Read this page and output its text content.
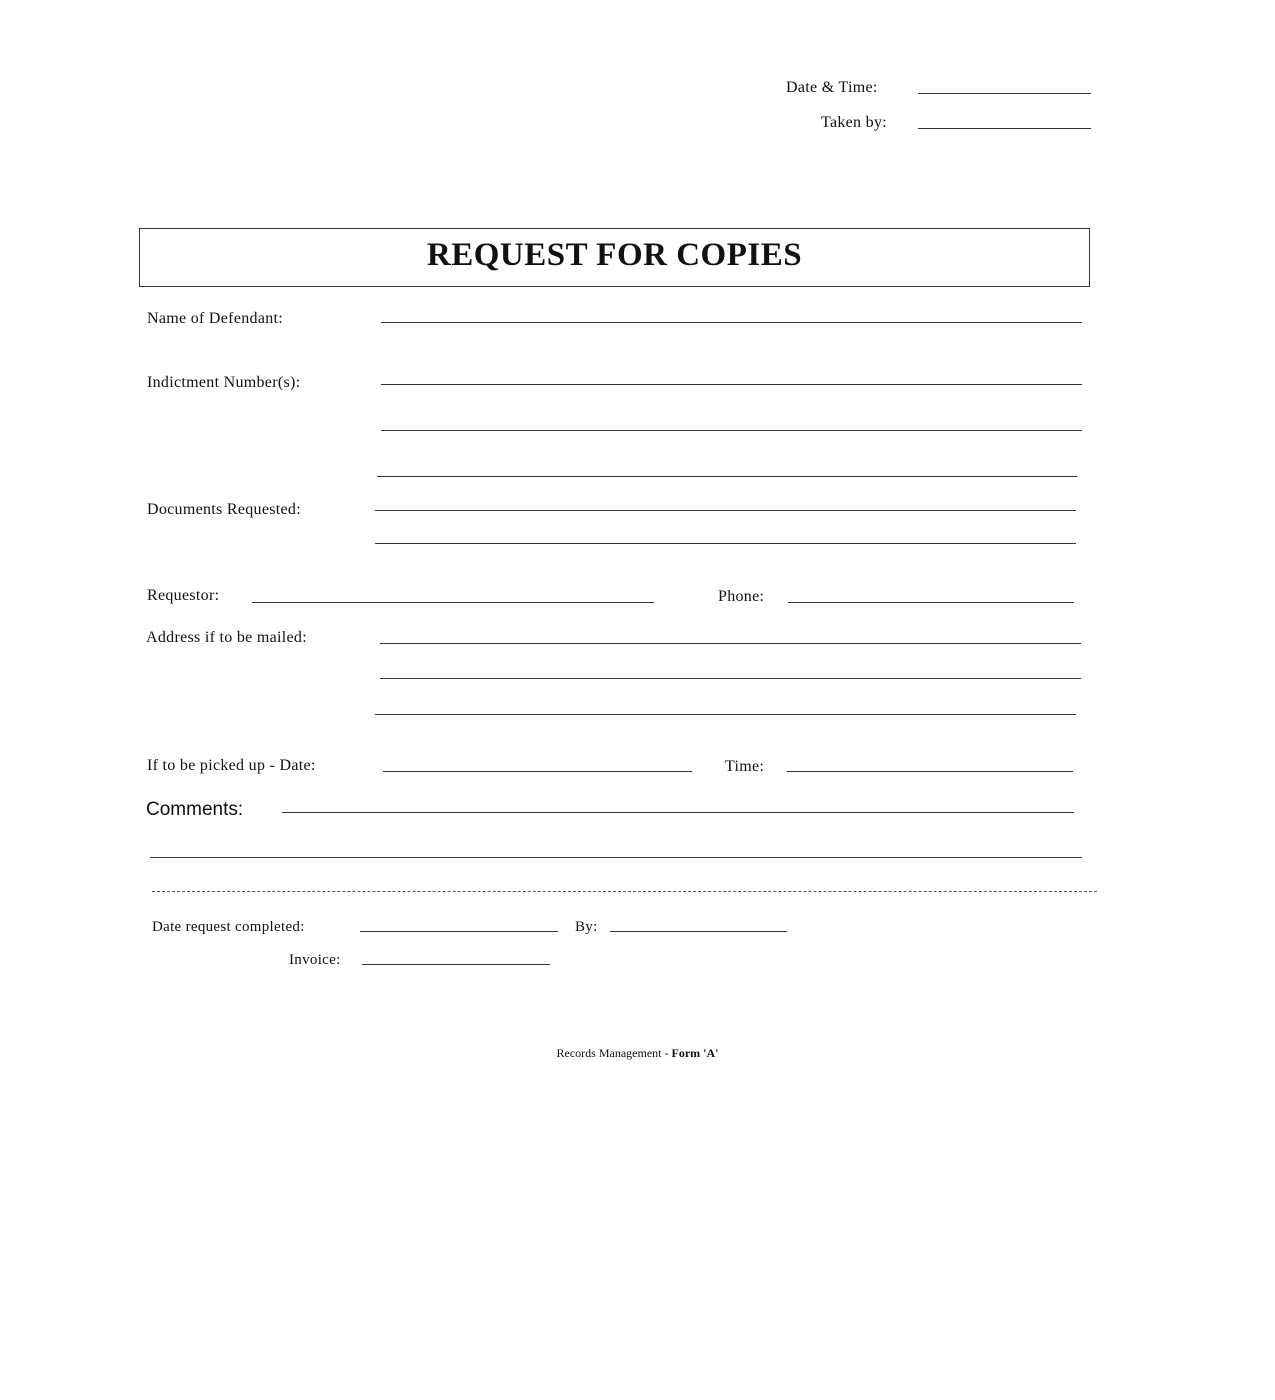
Date & Time:
Taken by:
REQUEST FOR COPIES
Name of Defendant:
Indictment Number(s):
Documents Requested:
Requestor:	Phone:
Address if to be mailed:
If to be picked up - Date:	Time:
Comments:
Date request completed:	By:
Invoice:
Records Management - Form 'A'
